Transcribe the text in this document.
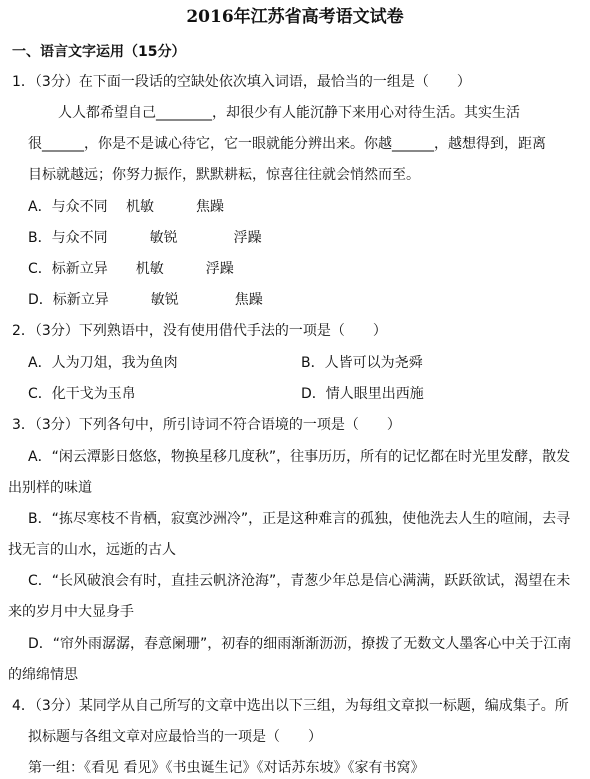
2016年江苏省高考语文试卷
一、语言文字运用（15分）
1．（3分）在下面一段话的空缺处依次填入词语，最恰当的一组是（　　）
人人都希望自己________，却很少有人能沉静下来用心对待生活。其实生活
很______，你是不是诚心待它，它一眼就能分辨出来。你越______，越想得到，距离
目标就越远；你努力振作，默默耕耘，惊喜往往就会悄然而至。
A．与众不同　 机敏　　　焦躁
B．与众不同　　　敏锐　　　　浮躁
C．标新立异　　机敏　　　浮躁
D．标新立异　　　敏锐　　　　焦躁
2．（3分）下列熟语中，没有使用借代手法的一项是（　　）
A．人为刀俎，我为鱼肉	B．人皆可以为尧舜
C．化干戈为玉帛	D．情人眼里出西施
3．（3分）下列各句中，所引诗词不符合语境的一项是（　　）
A．“闲云潭影日悠悠，物换星移几度秋”，往事历历，所有的记忆都在时光里发酵，散发
出别样的味道
B．“拣尽寒枝不肯栖，寂寞沙洲冷”，正是这种难言的孤独，使他洗去人生的喧闹，去寻
找无言的山水，远逝的古人
C．“长风破浪会有时，直挂云帆济沧海”，青葱少年总是信心满满，跃跃欲试，渴望在未
来的岁月中大显身手
D．“帘外雨潺潺，春意阑珊”，初春的细雨渐渐沥沥，撩拨了无数文人墨客心中关于江南
的绵绵情思
4．（3分）某同学从自己所写的文章中选出以下三组，为每组文章拟一标题，编成集子。所
拟标题与各组文章对应最恰当的一项是（　　）
第一组：《看见 看见》《书虫诞生记》《对话苏东坡》《家有书窝》
